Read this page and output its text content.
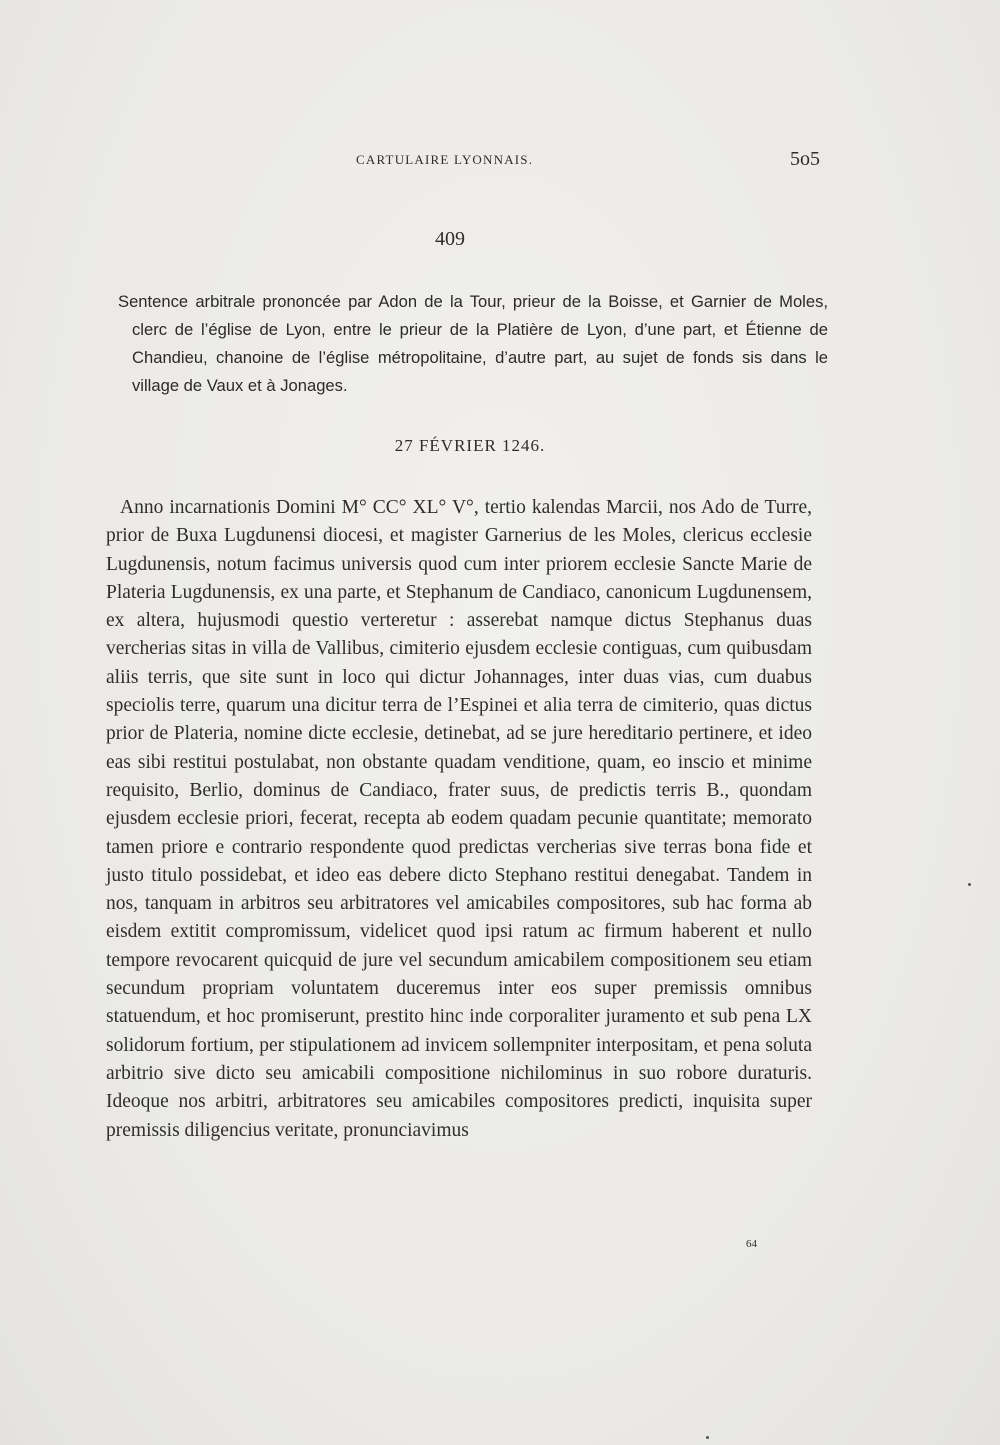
CARTULAIRE LYONNAIS.	5o5
409
Sentence arbitrale prononcée par Adon de la Tour, prieur de la Boisse, et Garnier de Moles, clerc de l’église de Lyon, entre le prieur de la Platière de Lyon, d’une part, et Étienne de Chandieu, chanoine de l’église métropolitaine, d’autre part, au sujet de fonds sis dans le village de Vaux et à Jonages.
27 FÉVRIER 1246.
Anno incarnationis Domini M° CC° XL° V°, tertio kalendas Marcii, nos Ado de Turre, prior de Buxa Lugdunensi diocesi, et magister Garnerius de les Moles, clericus ecclesie Lugdunensis, notum facimus universis quod cum inter priorem ecclesie Sancte Marie de Plateria Lugdunensis, ex una parte, et Stephanum de Candiaco, canonicum Lugdunensem, ex altera, hujusmodi questio verteretur : asserebat namque dictus Stephanus duas vercherias sitas in villa de Vallibus, cimiterio ejusdem ecclesie contiguas, cum quibusdam aliis terris, que site sunt in loco qui dictur Johannages, inter duas vias, cum duabus speciolis terre, quarum una dicitur terra de l’Espinei et alia terra de cimiterio, quas dictus prior de Plateria, nomine dicte ecclesie, detinebat, ad se jure hereditario pertinere, et ideo eas sibi restitui postulabat, non obstante quadam venditione, quam, eo inscio et minime requisito, Berlio, dominus de Candiaco, frater suus, de predictis terris B., quondam ejusdem ecclesie priori, fecerat, recepta ab eodem quadam pecunie quantitate; memorato tamen priore e contrario respondente quod predictas vercherias sive terras bona fide et justo titulo possidebat, et ideo eas debere dicto Stephano restitui denegabat. Tandem in nos, tanquam in arbitros seu arbitratores vel amicabiles compositores, sub hac forma ab eisdem extitit compromissum, videlicet quod ipsi ratum ac firmum haberent et nullo tempore revocarent quicquid de jure vel secundum amicabilem compositionem seu etiam secundum propriam voluntatem duceremus inter eos super premissis omnibus statuendum, et hoc promiserunt, prestito hinc inde corporaliter juramento et sub pena LX solidorum fortium, per stipulationem ad invicem sollempniter interpositam, et pena soluta arbitrio sive dicto seu amicabili compositione nichilominus in suo robore duraturis. Ideoque nos arbitri, arbitratores seu amicabiles compositores predicti, inquisita super premissis diligencius veritate, pronunciavimus
64
